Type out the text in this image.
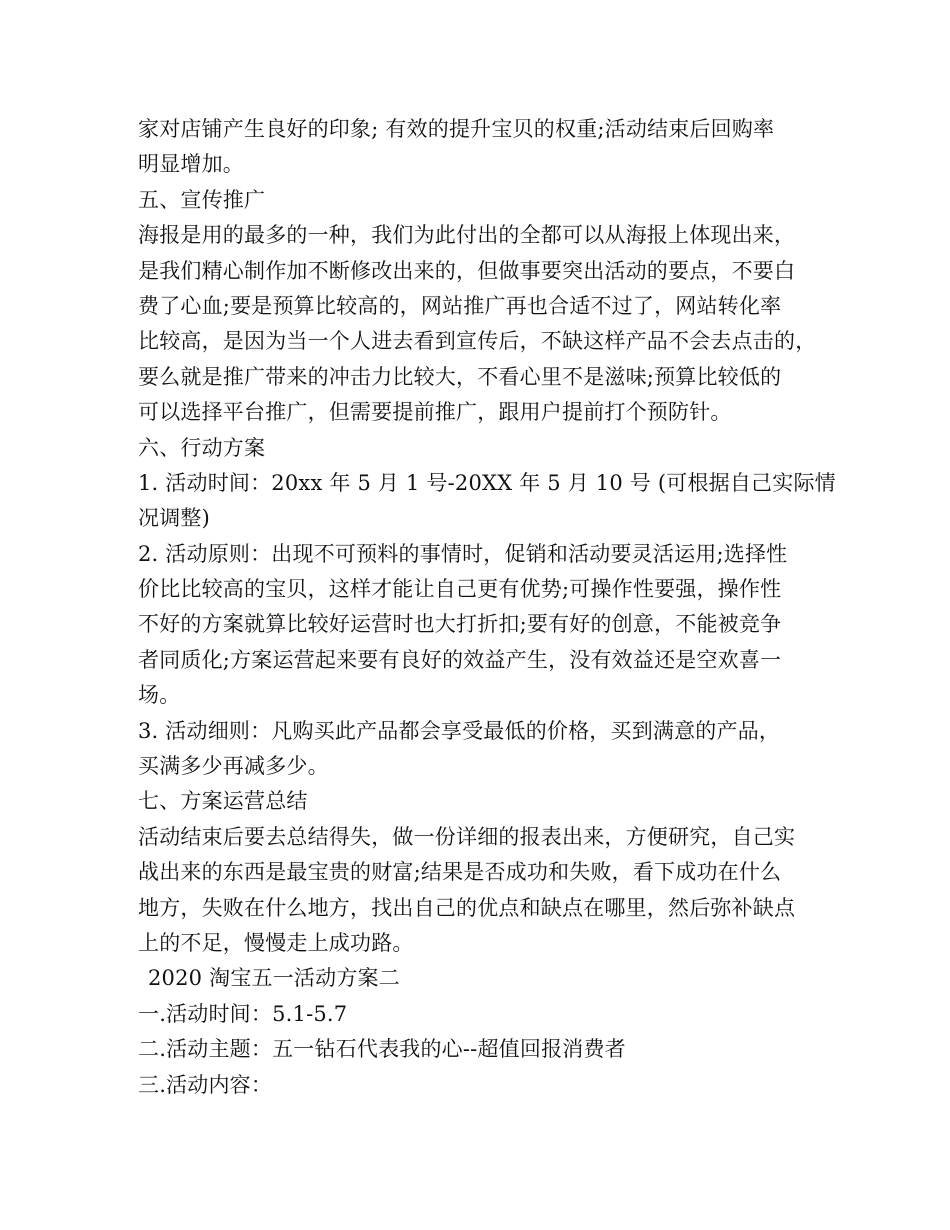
家对店铺产生良好的印象; 有效的提升宝贝的权重;活动结束后回购率
明显增加。
五、宣传推广
海报是用的最多的一种，我们为此付出的全都可以从海报上体现出来，
是我们精心制作加不断修改出来的，但做事要突出活动的要点，不要白
费了心血;要是预算比较高的，网站推广再也合适不过了，网站转化率
比较高，是因为当一个人进去看到宣传后，不缺这样产品不会去点击的，
要么就是推广带来的冲击力比较大，不看心里不是滋味;预算比较低的
可以选择平台推广，但需要提前推广，跟用户提前打个预防针。
六、行动方案
1. 活动时间：20xx 年 5 月 1 号-20XX 年 5 月 10 号 (可根据自己实际情
况调整)
2. 活动原则：出现不可预料的事情时，促销和活动要灵活运用;选择性
价比比较高的宝贝，这样才能让自己更有优势;可操作性要强，操作性
不好的方案就算比较好运营时也大打折扣;要有好的创意，不能被竞争
者同质化;方案运营起来要有良好的效益产生，没有效益还是空欢喜一
场。
3. 活动细则：凡购买此产品都会享受最低的价格，买到满意的产品，
买满多少再减多少。
七、方案运营总结
活动结束后要去总结得失，做一份详细的报表出来，方便研究，自己实
战出来的东西是最宝贵的财富;结果是否成功和失败，看下成功在什么
地方，失败在什么地方，找出自己的优点和缺点在哪里，然后弥补缺点
上的不足，慢慢走上成功路。
2020 淘宝五一活动方案二
一.活动时间：5.1-5.7
二.活动主题：五一钻石代表我的心--超值回报消费者
三.活动内容：
